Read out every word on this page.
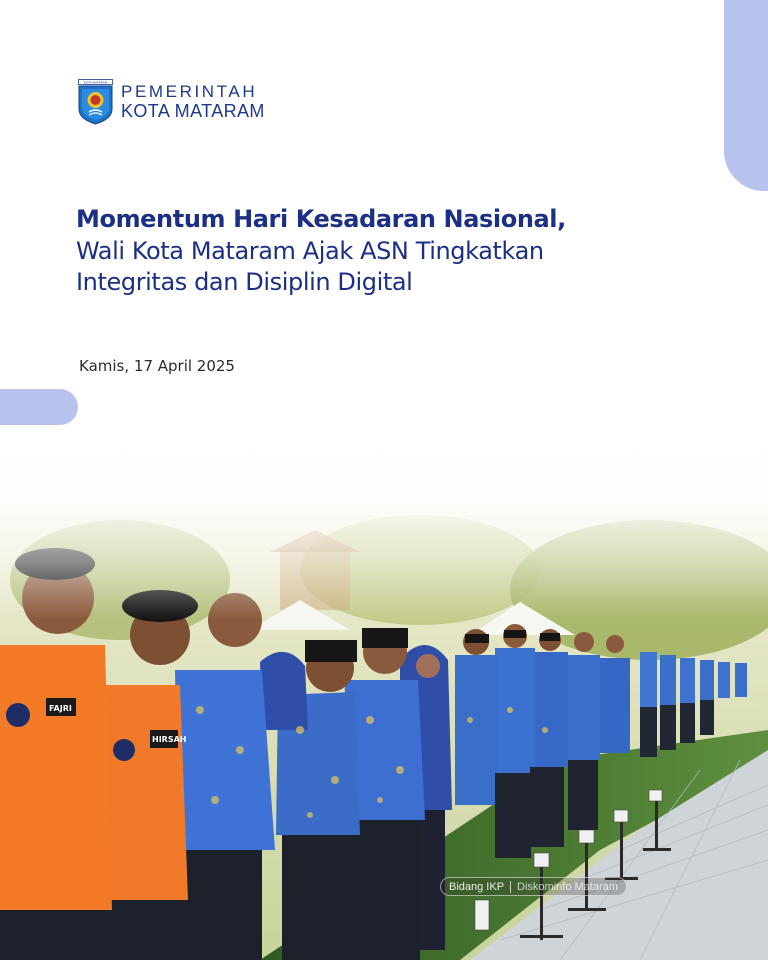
KOTA MATARAM PEMERINTAH
KOTA MATARAM
Momentum Hari Kesadaran Nasional,
Wali Kota Mataram Ajak ASN Tingkatkan
Integritas dan Disiplin Digital
Kamis, 17 April 2025
FAJRI
HIRSAH
Bidang IKP Diskominfo Mataram
